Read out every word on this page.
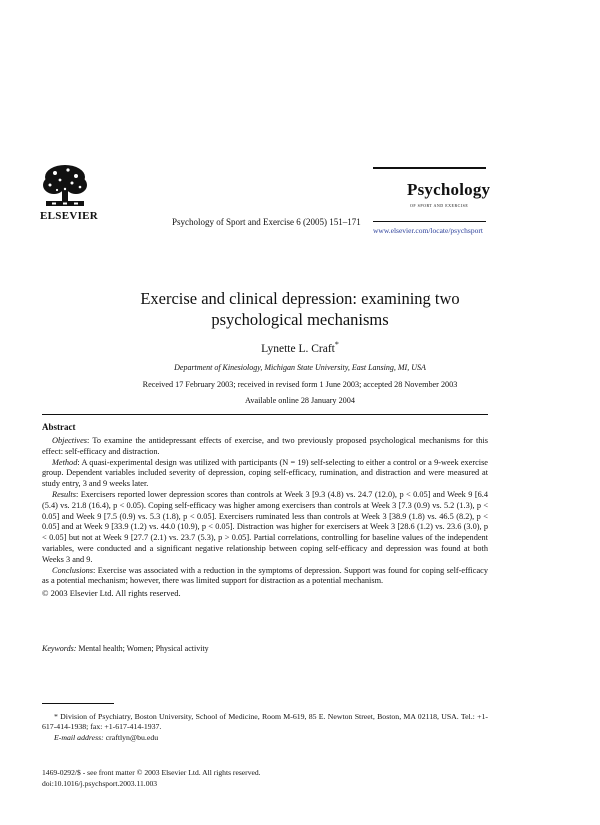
ELSEVIER	Psychology of Sport and Exercise 6 (2005) 151–171
Psychology
OF SPORT AND EXERCISE
www.elsevier.com/locate/psychsport
Exercise and clinical depression: examining two
psychological mechanisms
Lynette L. Craft*
Department of Kinesiology, Michigan State University, East Lansing, MI, USA
Received 17 February 2003; received in revised form 1 June 2003; accepted 28 November 2003
Available online 28 January 2004
Abstract

Objectives: To examine the antidepressant effects of exercise, and two previously proposed psychological mechanisms for this effect: self-efficacy and distraction.

Method: A quasi-experimental design was utilized with participants (N = 19) self-selecting to either a control or a 9-week exercise group. Dependent variables included severity of depression, coping self-efficacy, rumination, and distraction and were measured at study entry, 3 and 9 weeks later.

Results: Exercisers reported lower depression scores than controls at Week 3 [9.3 (4.8) vs. 24.7 (12.0), p < 0.05] and Week 9 [6.4 (5.4) vs. 21.8 (16.4), p < 0.05). Coping self-efficacy was higher among exercisers than controls at Week 3 [7.3 (0.9) vs. 5.2 (1.3), p < 0.05] and Week 9 [7.5 (0.9) vs. 5.3 (1.8), p < 0.05]. Exercisers ruminated less than controls at Week 3 [38.9 (1.8) vs. 46.5 (8.2), p < 0.05] and at Week 9 [33.9 (1.2) vs. 44.0 (10.9), p < 0.05]. Distraction was higher for exercisers at Week 3 [28.6 (1.2) vs. 23.6 (3.0), p < 0.05] but not at Week 9 [27.7 (2.1) vs. 23.7 (5.3), p > 0.05]. Partial correlations, controlling for baseline values of the independent variables, were conducted and a significant negative relationship between coping self-efficacy and depression was found at both Weeks 3 and 9.

Conclusions: Exercise was associated with a reduction in the symptoms of depression. Support was found for coping self-efficacy as a potential mechanism; however, there was limited support for distraction as a potential mechanism.

© 2003 Elsevier Ltd. All rights reserved.

Keywords: Mental health; Women; Physical activity
* Division of Psychiatry, Boston University, School of Medicine, Room M-619, 85 E. Newton Street, Boston, MA 02118, USA. Tel.: +1-617-414-1938; fax: +1-617-414-1937.
E-mail address: craftlyn@bu.edu
1469-0292/$ - see front matter © 2003 Elsevier Ltd. All rights reserved.
doi:10.1016/j.psychsport.2003.11.003
